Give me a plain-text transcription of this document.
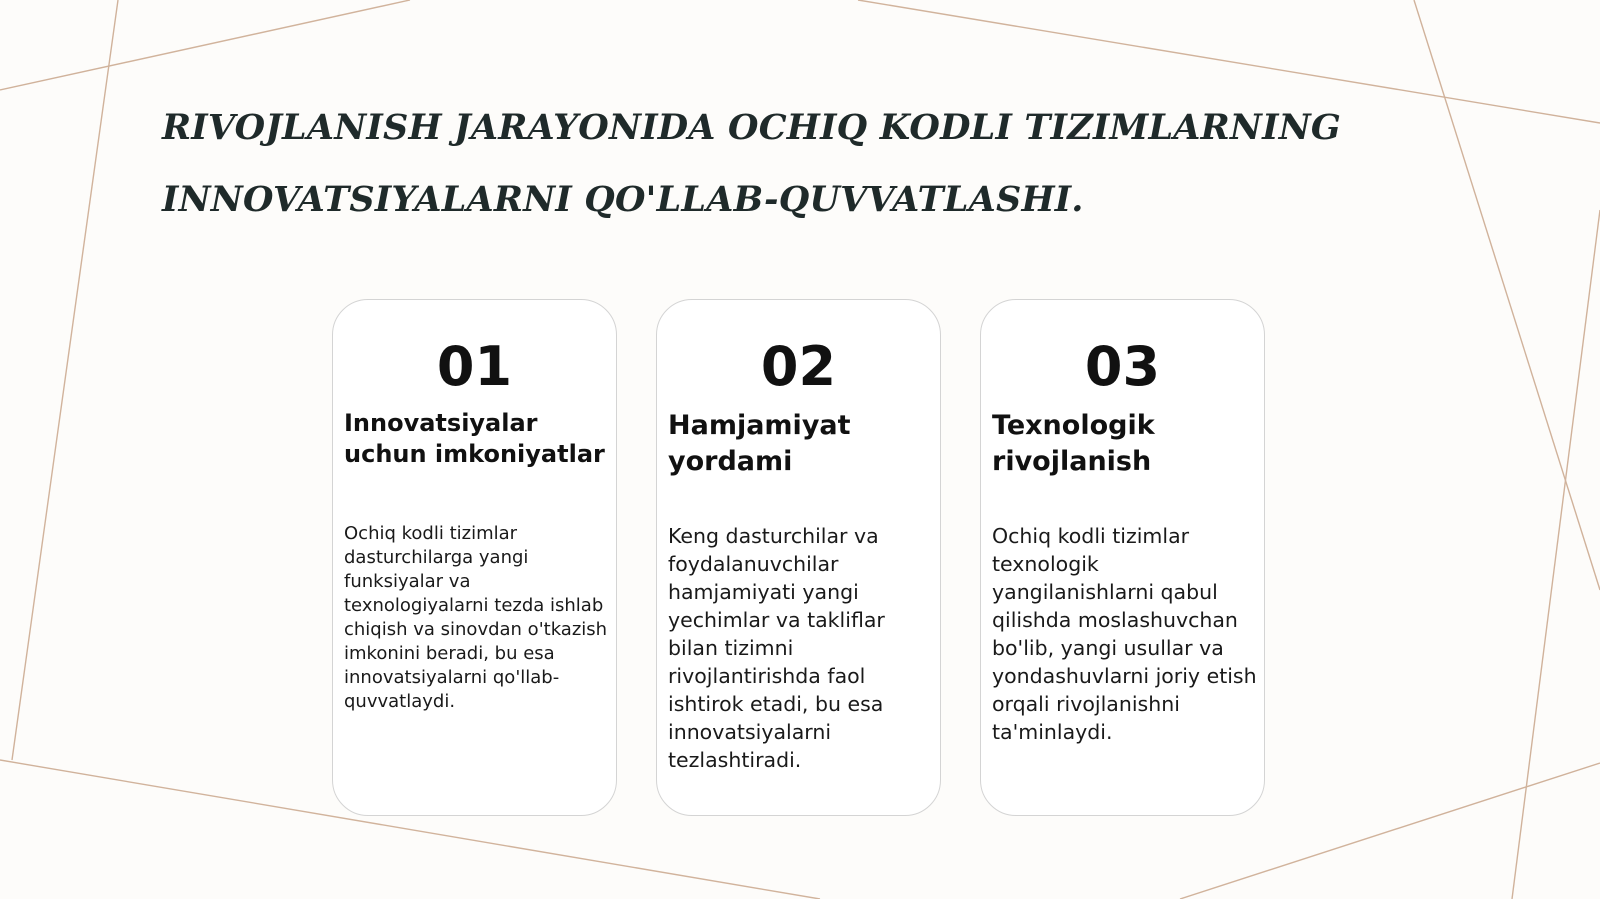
RIVOJLANISH JARAYONIDA OCHIQ KODLI TIZIMLARNING INNOVATSIYALARNI QO'LLAB-QUVVATLASHI.
01
Innovatsiyalar uchun imkoniyatlar
Ochiq kodli tizimlar dasturchilarga yangi funksiyalar va texnologiyalarni tezda ishlab chiqish va sinovdan o'tkazish imkonini beradi, bu esa innovatsiyalarni qo'llab-quvvatlaydi.
02
Hamjamiyat yordami
Keng dasturchilar va foydalanuvchilar hamjamiyati yangi yechimlar va takliflar bilan tizimni rivojlantirishda faol ishtirok etadi, bu esa innovatsiyalarni tezlashtiradi.
03
Texnologik rivojlanish
Ochiq kodli tizimlar texnologik yangilanishlarni qabul qilishda moslashuvchan bo'lib, yangi usullar va yondashuvlarni joriy etish orqali rivojlanishni ta'minlaydi.
